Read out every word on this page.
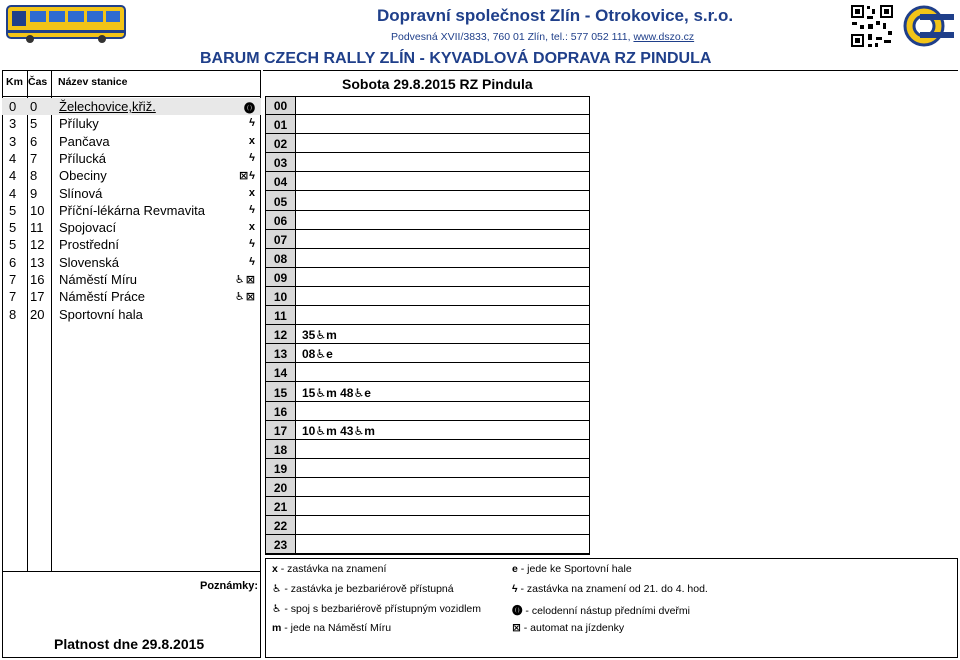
Dopravní společnost Zlín - Otrokovice, s.r.o.
Podvesná XVII/3833, 760 01 Zlín, tel.: 577 052 111, www.dszo.cz
BARUM CZECH RALLY ZLÍN - KYVADLOVÁ DOPRAVA RZ PINDULA
Km Čas Název stanice
0 0 Želechovice,křiž.	⓿
3 5 Příluky	ϟ
3 6 Pančava	x
4 7 Přílucká	ϟ
4 8 Obeciny	⊠ϟ
4 9 Slínová	x
5 10 Příční-lékárna Revmavita	ϟ
5 11 Spojovací	x
5 12 Prostřední	ϟ
6 13 Slovenská	ϟ
7 16 Náměstí Míru	♿⊠
7 17 Náměstí Práce	♿⊠
8 20 Sportovní hala
Poznámky:
Platnost dne 29.8.2015
Sobota 29.8.2015 RZ Pindula
00
01
02
03
04
05
06
07
08
09
10
11
12	35♿m
13	08♿e
14
15	15♿m 48♿e
16
17	10♿m 43♿m
18
19
20
21
22
23
x - zastávka na znamení
♿ - zastávka je bezbariérově přístupná
♿ - spoj s bezbariérově přístupným vozidlem
m - jede na Náměstí Míru
e - jede ke Sportovní hale
ϟ - zastávka na znamení od 21. do 4. hod.
⓿ - celodenní nástup předními dveřmi
⊠ - automat na jízdenky
